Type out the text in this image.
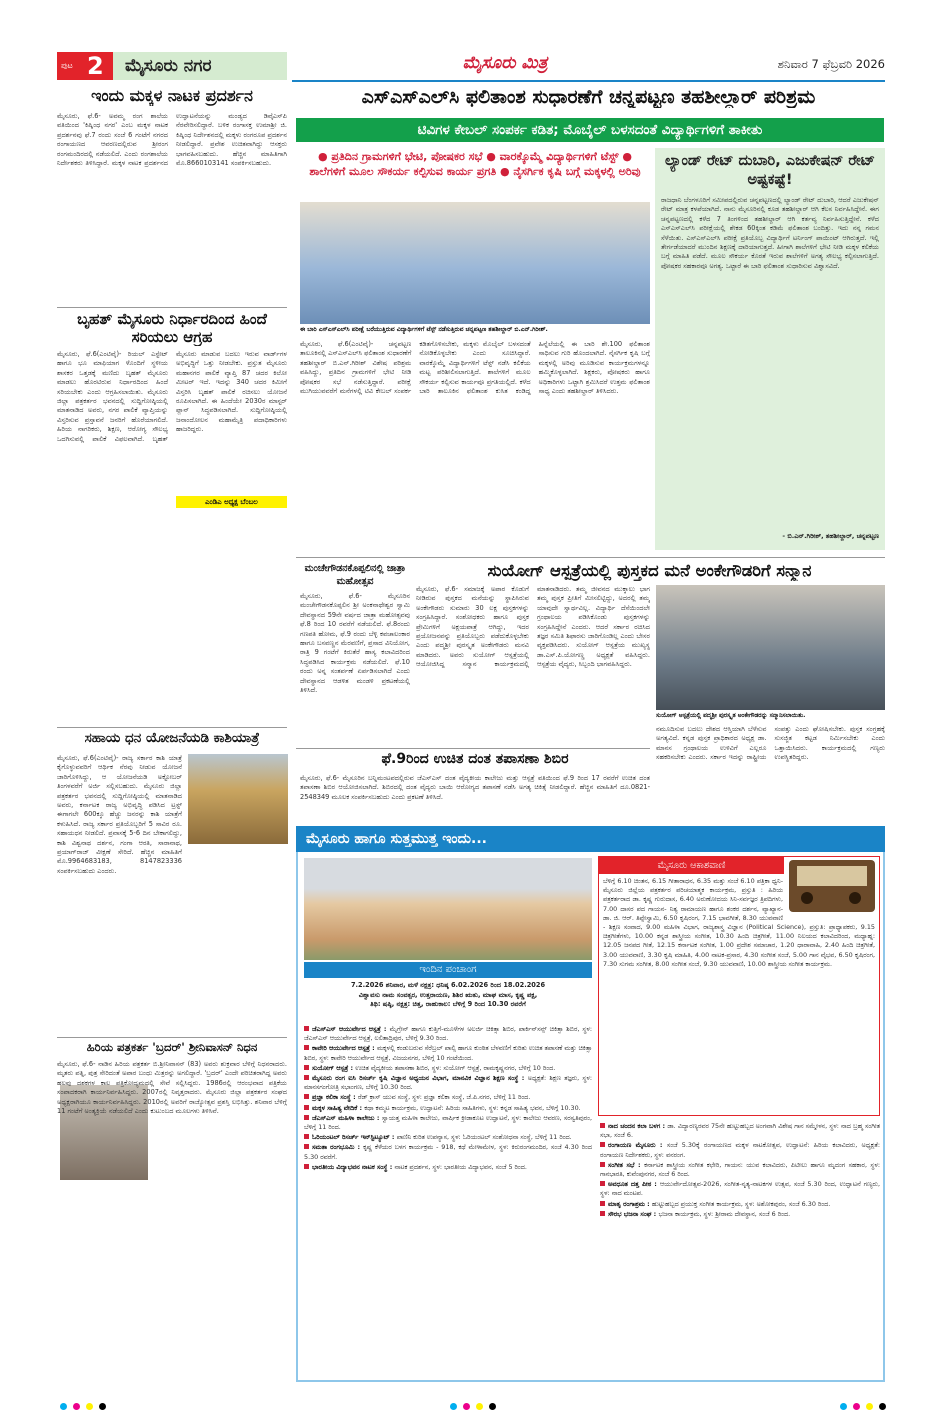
ಪುಟ 2	ಮೈಸೂರು ನಗರ	ಮೈಸೂರು ಮಿತ್ರ	ಶನಿವಾರ 7 ಫೆಬ್ರವರಿ 2026
ಇಂದು ಮಕ್ಕಳ ನಾಟಕ ಪ್ರದರ್ಶನ
ಮೈಸೂರು, ಫೆ.6- ಅವಮ್ಮ ರಂಗ ಶಾಲೆಯ ವತಿಯಿಂದ 'ಕಿಷ್ಕಿಂಧ ನಗರ' ಎಂಬ ಮಕ್ಕಳ ನಾಟಕ ಪ್ರದರ್ಶನವು ಫೆ.7 ರಂದು ಸಂಜೆ 6 ಗಂಟೆಗೆ ನಗರದ ರಂಗಾಯಣದ ಆವರಣದಲ್ಲಿರುವ ಶ್ರೀರಂಗ ರಂಗಮಂದಿರದಲ್ಲಿ ನಡೆಯಲಿದೆ. ಎಂದು ರಂಗಶಾಲೆಯ ನಿರ್ದೇಶಕರು ತಿಳಿಸಿದ್ದಾರೆ. ಮಕ್ಕಳ ನಾಟಕ ಪ್ರದರ್ಶನದ ಉದ್ಘಾಟನೆಯನ್ನು ಮಂಡ್ಯದ ಡಿವೈಎಸ್‌ಪಿ ನೆರವೇರಿಸಲಿದ್ದಾರೆ. ಬಳಿಕ ರಂಗಾಸಕ್ತ ಉಮಾಶ್ರೀ ಜಿ. ಕಿಷ್ಕಿಂಧ ನಿರ್ದೇಶನದಲ್ಲಿ ಮಕ್ಕಳು ರಂಗರೂಪ ಪ್ರದರ್ಶನ ನೀಡಲಿದ್ದಾರೆ. ಪ್ರವೇಶ ಉಚಿತವಾಗಿದ್ದು ಆಸಕ್ತರು ಭಾಗವಹಿಸಬಹುದು. ಹೆಚ್ಚಿನ ಮಾಹಿತಿಗಾಗಿ ಮೊ.8660103141 ಸಂಪರ್ಕಿಸಬಹುದು.
ಬೃಹತ್ ಮೈಸೂರು ನಿರ್ಧಾರದಿಂದ ಹಿಂದೆ ಸರಿಯಲು ಆಗ್ರಹ
ಮೈಸೂರು, ಫೆ.6(ಎಂಟಿವೈ)- ರಿಯಲ್ ಎಸ್ಟೇಟ್ ಹಾಗೂ ಭೂ ಮಾಫಿಯಾಗ ಳೊಂದಿಗೆ ಸ್ಥಳೀಯ ಶಾಸಕರ ಒತ್ತಡಕ್ಕೆ ಮಣಿದು ಬೃಹತ್ ಮೈಸೂರು ಮಾಡಲು ಹೊರಟಿರುವ ನಿರ್ಧಾರದಿಂದ ಹಿಂದೆ ಸರಿಯಬೇಕು ಎಂದು ಆಗ್ರಹಿಸಲಾಯಿತು. ಮೈಸೂರು ಜಿಲ್ಲಾ ಪತ್ರಕರ್ತರ ಭವನದಲ್ಲಿ ಸುದ್ದಿಗೋಷ್ಠಿಯಲ್ಲಿ ಮಾತನಾಡಿದ ಅವರು, ನಗರ ಪಾಲಿಕೆ ವ್ಯಾಪ್ತಿಯನ್ನು ವಿಸ್ತರಿಸುವ ಪ್ರಸ್ತಾವನೆ ಜನರಿಗೆ ಹೊರೆಯಾಗಲಿದೆ. ಹಿರಿಯ ನಾಗರಿಕರು, ಶಿಕ್ಷಣ, ಆರೋಗ್ಯ ಸೌಲಭ್ಯ ಒದಗಿಸುವಲ್ಲಿ ಪಾಲಿಕೆ ವಿಫಲವಾಗಿದೆ. ಬೃಹತ್ ಮೈಸೂರು ಮಾಡುವ ಬದಲು ಇರುವ ವಾರ್ಡ್‌ಗಳ ಅಭಿವೃದ್ಧಿಗೆ ಒತ್ತು ನೀಡಬೇಕು. ಪ್ರಸ್ತುತ ಮೈಸೂರು ಮಹಾನಗರ ಪಾಲಿಕೆ ವ್ಯಾಪ್ತಿ 87 ಚದರ ಕಿಲೋ ಮೀಟರ್ ಇದೆ. ಇದನ್ನು 340 ಚದರ ಕಿಮೀಗೆ ವಿಸ್ತರಿಸಿ ಬೃಹತ್ ಪಾಲಿಕೆ ರಚಿಸಲು ಯೋಜನೆ ರೂಪಿಸಲಾಗಿದೆ. ಈ ಹಿಂದೆಯೇ 2030ರ ಮಾಸ್ಟರ್ ಪ್ಲಾನ್ ಸಿದ್ಧಪಡಿಸಲಾಗಿದೆ. ಸುದ್ದಿಗೋಷ್ಠಿಯಲ್ಲಿ ಜನಾಂದೋಲನ ಮಹಾಮೈತ್ರಿ ಪದಾಧಿಕಾರಿಗಳು ಹಾಜರಿದ್ದರು.
ಎಂಡಿಎ ಅಧ್ಯಕ್ಷ ಬೆಂಬಲ
ಸಹಾಯ ಧನ ಯೋಜನೆಯಡಿ ಕಾಶಿಯಾತ್ರೆ
ಮೈಸೂರು, ಫೆ.6(ಎಂಟಿವೈ)- ರಾಜ್ಯ ಸರ್ಕಾರ ಕಾಶಿ ಯಾತ್ರೆ ಕೈಗೊಳ್ಳುವವರಿಗೆ ಆರ್ಥಿಕ ನೆರವು ನೀಡುವ ಯೋಜನೆ ಜಾರಿಗೊಳಿಸಿದ್ದು, ಆ ಯೋಜನೆಯಡಿ ಅಕ್ಟೋಬರ್ ತಿಂಗಳವರೆಗೆ ಅರ್ಜಿ ಸಲ್ಲಿಸಬಹುದು. ಮೈಸೂರು ಜಿಲ್ಲಾ ಪತ್ರಕರ್ತರ ಭವನದಲ್ಲಿ ಸುದ್ದಿಗೋಷ್ಠಿಯಲ್ಲಿ ಮಾತನಾಡಿದ ಅವರು, ಕರ್ನಾಟಕ ರಾಜ್ಯ ಅಭಿವೃದ್ಧಿ ಪಡಿಸಿದ ಟ್ರಸ್ಟ್ ಈಗಾಗಲೇ 600ಕ್ಕೂ ಹೆಚ್ಚು ಜನರನ್ನು ಕಾಶಿ ಯಾತ್ರೆಗೆ ಕಳುಹಿಸಿದೆ. ರಾಜ್ಯ ಸರ್ಕಾರ ಪ್ರತಿಯೊಬ್ಬರಿಗೆ 5 ಸಾವಿರ ರೂ. ಸಹಾಯಧನ ನೀಡಲಿದೆ. ಪ್ರವಾಸಕ್ಕೆ 5-6 ದಿನ ಬೇಕಾಗಲಿದ್ದು, ಕಾಶಿ ವಿಶ್ವನಾಥ ದರ್ಶನ, ಗಂಗಾ ಆರತಿ, ಸಾರಾನಾಥ, ಪ್ರಯಾಗ್‌ರಾಜ್ ವೀಕ್ಷಣೆ ಸೇರಿದೆ. ಹೆಚ್ಚಿನ ಮಾಹಿತಿಗೆ ಮೊ.9964683183, 8147823336 ಸಂಪರ್ಕಿಸಬಹುದು ಎಂದರು.
ಹಿರಿಯ ಪತ್ರಕರ್ತ 'ಬ್ರದರ್' ಶ್ರೀನಿವಾಸನ್ ನಿಧನ
ಮೈಸೂರು, ಫೆ.6- ನಾಡಿನ ಹಿರಿಯ ಪತ್ರಕರ್ತ ಬಿ.ಶ್ರೀನಿವಾಸನ್ (83) ಅವರು ಶುಕ್ರವಾರ ಬೆಳಿಗ್ಗೆ ನಿಧನರಾದರು. ಮೃತರು ಪತ್ನಿ, ಪುತ್ರ ಸೇರಿದಂತೆ ಅಪಾರ ಬಂಧು ಮಿತ್ರರನ್ನು ಅಗಲಿದ್ದಾರೆ. 'ಬ್ರದರ್' ಎಂದೇ ಪರಿಚಿತರಾಗಿದ್ದ ಅವರು ಹಲವು ದಶಕಗಳ ಕಾಲ ಪತ್ರಿಕೋದ್ಯಮದಲ್ಲಿ ಸೇವೆ ಸಲ್ಲಿಸಿದ್ದರು. 1986ರಲ್ಲಿ ಆರಂಭವಾದ ಪತ್ರಿಕೆಯ ಸಂಪಾದಕರಾಗಿ ಕಾರ್ಯನಿರ್ವಹಿಸಿದ್ದರು. 2007ರಲ್ಲಿ ನಿವೃತ್ತರಾದರು. ಮೈಸೂರು ಜಿಲ್ಲಾ ಪತ್ರಕರ್ತರ ಸಂಘದ ಅಧ್ಯಕ್ಷರಾಗಿಯೂ ಕಾರ್ಯನಿರ್ವಹಿಸಿದ್ದರು. 2010ರಲ್ಲಿ ಅವರಿಗೆ ರಾಜ್ಯೋತ್ಸವ ಪ್ರಶಸ್ತಿ ಲಭಿಸಿತ್ತು. ಶನಿವಾರ ಬೆಳಿಗ್ಗೆ 11 ಗಂಟೆಗೆ ಅಂತ್ಯಕ್ರಿಯೆ ನಡೆಯಲಿದೆ ಎಂದು ಕುಟುಂಬದ ಮೂಲಗಳು ತಿಳಿಸಿವೆ.
ಎಸ್‌ಎಸ್‌ಎಲ್‌ಸಿ ಫಲಿತಾಂಶ ಸುಧಾರಣೆಗೆ ಚನ್ನಪಟ್ಟಣ ತಹಶೀಲ್ದಾರ್ ಪರಿಶ್ರಮ
ಟಿವಿಗಳ ಕೇಬಲ್ ಸಂಪರ್ಕ ಕಡಿತ; ಮೊಬೈಲ್ ಬಳಸದಂತೆ ವಿದ್ಯಾರ್ಥಿಗಳಿಗೆ ತಾಕೀತು
● ಪ್ರತಿದಿನ ಗ್ರಾಮಗಳಿಗೆ ಭೇಟಿ, ಪೋಷಕರ ಸಭೆ ● ವಾರಕ್ಕೊಮ್ಮೆ ವಿದ್ಯಾರ್ಥಿಗಳಿಗೆ ಟೆಸ್ಟ್ ● ಶಾಲೆಗಳಿಗೆ ಮೂಲ ಸೌಕರ್ಯ ಕಲ್ಪಿಸುವ ಕಾರ್ಯ ಪ್ರಗತಿ ● ನೈಸರ್ಗಿಕ ಕೃಷಿ ಬಗ್ಗೆ ಮಕ್ಕಳಲ್ಲಿ ಅರಿವು
ಈ ಬಾರಿ ಎಸ್‌ಎಸ್‌ಎಲ್‌ಸಿ ಪರೀಕ್ಷೆ ಬರೆಯುತ್ತಿರುವ ವಿದ್ಯಾರ್ಥಿಗಳಿಗೆ ಟೆಸ್ಟ್ ನಡೆಸುತ್ತಿರುವ ಚನ್ನಪಟ್ಟಣ ತಹಶೀಲ್ದಾರ್ ಬಿ.ಎನ್.ಗಿರೀಶ್.
ಮೈಸೂರು, ಫೆ.6(ಎಂಟಿವೈ)- ಚನ್ನಪಟ್ಟಣ ತಾಲೂಕಿನಲ್ಲಿ ಎಸ್‌ಎಸ್‌ಎಲ್‌ಸಿ ಫಲಿತಾಂಶ ಸುಧಾರಣೆಗೆ ತಹಶೀಲ್ದಾರ್ ಬಿ.ಎನ್.ಗಿರೀಶ್ ವಿಶೇಷ ಪರಿಶ್ರಮ ವಹಿಸಿದ್ದು, ಪ್ರತಿದಿನ ಗ್ರಾಮಗಳಿಗೆ ಭೇಟಿ ನೀಡಿ ಪೋಷಕರ ಸಭೆ ನಡೆಸುತ್ತಿದ್ದಾರೆ. ಪರೀಕ್ಷೆ ಮುಗಿಯುವವರೆಗೆ ಮನೆಗಳಲ್ಲಿ ಟಿವಿ ಕೇಬಲ್ ಸಂಪರ್ಕ ಕಡಿತಗೊಳಿಸಬೇಕು, ಮಕ್ಕಳು ಮೊಬೈಲ್ ಬಳಸದಂತೆ ನೋಡಿಕೊಳ್ಳಬೇಕು ಎಂದು ಸೂಚಿಸಿದ್ದಾರೆ. ವಾರಕ್ಕೊಮ್ಮೆ ವಿದ್ಯಾರ್ಥಿಗಳಿಗೆ ಟೆಸ್ಟ್ ನಡೆಸಿ ಕಲಿಕೆಯ ಮಟ್ಟ ಪರಿಶೀಲಿಸಲಾಗುತ್ತಿದೆ. ಶಾಲೆಗಳಿಗೆ ಮೂಲ ಸೌಕರ್ಯ ಕಲ್ಪಿಸುವ ಕಾರ್ಯವೂ ಪ್ರಗತಿಯಲ್ಲಿದೆ. ಕಳೆದ ಬಾರಿ ತಾಲೂಕಿನ ಫಲಿತಾಂಶ ಕುಸಿತ ಕಂಡಿದ್ದ ಹಿನ್ನೆಲೆಯಲ್ಲಿ ಈ ಬಾರಿ ಶೇ.100 ಫಲಿತಾಂಶ ಸಾಧಿಸುವ ಗುರಿ ಹೊಂದಲಾಗಿದೆ. ನೈಸರ್ಗಿಕ ಕೃಷಿ ಬಗ್ಗೆ ಮಕ್ಕಳಲ್ಲಿ ಅರಿವು ಮೂಡಿಸುವ ಕಾರ್ಯಕ್ರಮಗಳನ್ನೂ ಹಮ್ಮಿಕೊಳ್ಳಲಾಗಿದೆ. ಶಿಕ್ಷಕರು, ಪೋಷಕರು ಹಾಗೂ ಅಧಿಕಾರಿಗಳು ಒಟ್ಟಾಗಿ ಶ್ರಮಿಸಿದರೆ ಉತ್ತಮ ಫಲಿತಾಂಶ ಸಾಧ್ಯ ಎಂದು ತಹಶೀಲ್ದಾರ್ ತಿಳಿಸಿದರು.
ಲ್ಯಾಂಡ್ ರೇಟ್ ದುಬಾರಿ, ಎಜುಕೇಷನ್ ರೇಟ್ ಅಷ್ಟಕಷ್ಟೆ!
ರಾಜಧಾನಿ ಬೆಂಗಳೂರಿಗೆ ಸಮೀಪದಲ್ಲಿರುವ ಚನ್ನಪಟ್ಟಣದಲ್ಲಿ ಲ್ಯಾಂಡ್ ರೇಟ್ ದುಬಾರಿ, ಆದರೆ ಎಜುಕೇಷನ್ ರೇಟ್ ಮಾತ್ರ ಕಳಪೆಯಾಗಿದೆ. ನಾನು ಮೈಸೂರಿನಲ್ಲಿ ಕೂಡ ತಹಶೀಲ್ದಾರ್ ಆಗಿ ಕೆಲಸ ನಿರ್ವಹಿಸಿದ್ದೇನೆ. ಈಗ ಚನ್ನಪಟ್ಟಣದಲ್ಲಿ ಕಳೆದ 7 ತಿಂಗಳಿಂದ ತಹಶೀಲ್ದಾರ್ ಆಗಿ ಕರ್ತವ್ಯ ನಿರ್ವಹಿಸುತ್ತಿದ್ದೇನೆ. ಕಳೆದ ಎಸ್‌ಎಸ್‌ಎಲ್‌ಸಿ ಪರೀಕ್ಷೆಯಲ್ಲಿ ಶೇಕಡ 60ಕ್ಕಿಂತ ಕಡಿಮೆ ಫಲಿತಾಂಶ ಬಂದಿತ್ತು. ಇದು ನನ್ನ ಗಮನ ಸೆಳೆಯಿತು. ಎಸ್‌ಎಸ್‌ಎಲ್‌ಸಿ ಪರೀಕ್ಷೆ ಪ್ರತಿಯೊಬ್ಬ ವಿದ್ಯಾರ್ಥಿಗೆ ಟರ್ನಿಂಗ್ ಪಾಯಿಂಟ್ ಆಗಿರುತ್ತದೆ. ಇಲ್ಲಿ ತೇರ್ಗಡೆಯಾದರೆ ಮುಂದಿನ ಶಿಕ್ಷಣಕ್ಕೆ ದಾರಿಯಾಗುತ್ತದೆ. ಹೀಗಾಗಿ ಶಾಲೆಗಳಿಗೆ ಭೇಟಿ ನೀಡಿ ಮಕ್ಕಳ ಕಲಿಕೆಯ ಬಗ್ಗೆ ಮಾಹಿತಿ ಪಡೆದೆ. ಮೂಲ ಸೌಕರ್ಯ ಕೊರತೆ ಇರುವ ಶಾಲೆಗಳಿಗೆ ಅಗತ್ಯ ಸೌಲಭ್ಯ ಕಲ್ಪಿಸಲಾಗುತ್ತಿದೆ. ಪೋಷಕರ ಸಹಕಾರವೂ ಅಗತ್ಯ. ಒಟ್ಟಾರೆ ಈ ಬಾರಿ ಫಲಿತಾಂಶ ಸುಧಾರಿಸುವ ವಿಶ್ವಾಸವಿದೆ.
- ಬಿ.ಎನ್.ಗಿರೀಶ್, ತಹಶೀಲ್ದಾರ್, ಚನ್ನಪಟ್ಟಣ
ಮಂಚೇಗೌಡನಕೊಪ್ಪಲಿನಲ್ಲಿ ಜಾತ್ರಾ ಮಹೋತ್ಸವ
ಮೈಸೂರು, ಫೆ.6- ಮೈಸೂರಿನ ಮಂಚೇಗೌಡನಕೊಪ್ಪಲಿನ ಶ್ರೀ ಅಂಕನಾಥೇಶ್ವರ ಸ್ವಾಮಿ ದೇವಸ್ಥಾನದ 59ನೇ ವರ್ಷದ ಜಾತ್ರಾ ಮಹೋತ್ಸವವು ಫೆ.8 ರಿಂದ 10 ರವರೆಗೆ ನಡೆಯಲಿದೆ. ಫೆ.8ರಂದು ಗಣಪತಿ ಹೋಮ, ಫೆ.9 ರಂದು ಬೆಳ್ಳಿ ಕವಚಾಲಂಕಾರ ಹಾಗೂ ಬಸವಣ್ಣನ ಮೆರವಣಿಗೆ, ಪ್ರಸಾದ ವಿನಿಯೋಗ, ರಾತ್ರಿ 9 ಗಂಟೆಗೆ ಕಿರುತೆರೆ ಹಾಸ್ಯ ಕಲಾವಿದರಿಂದ ಸಿದ್ಧಪಡಿಸಿದ ಕಾರ್ಯಕ್ರಮ ನಡೆಯಲಿದೆ. ಫೆ.10 ರಂದು ಅನ್ನ ಸಂತರ್ಪಣೆ ಏರ್ಪಡಿಸಲಾಗಿದೆ ಎಂದು ದೇವಸ್ಥಾನದ ಆಡಳಿತ ಮಂಡಳಿ ಪ್ರಕಟಣೆಯಲ್ಲಿ ತಿಳಿಸಿದೆ.
ಸುಯೋಗ್ ಆಸ್ಪತ್ರೆಯಲ್ಲಿ ಪುಸ್ತಕದ ಮನೆ ಅಂಕೇಗೌಡರಿಗೆ ಸನ್ಮಾನ
ಮೈಸೂರು, ಫೆ.6- ಸಮಾಜಕ್ಕೆ ಅಪಾರ ಕೊಡುಗೆ ನೀಡಿರುವ ಪುಸ್ತಕದ ಮನೆಯನ್ನು ಸ್ಥಾಪಿಸಿರುವ ಅಂಕೇಗೌಡರು ಸುಮಾರು 30 ಲಕ್ಷ ಪುಸ್ತಕಗಳನ್ನು ಸಂಗ್ರಹಿಸಿದ್ದಾರೆ. ಸಂಶೋಧಕರು ಹಾಗೂ ಪುಸ್ತಕ ಪ್ರೇಮಿಗಳಿಗೆ ಅಕ್ಷಯಪಾತ್ರೆ ಆಗಿದ್ದು, ಇದರ ಪ್ರಯೋಜನವನ್ನು ಪ್ರತಿಯೊಬ್ಬರು ಪಡೆದುಕೊಳ್ಳಬೇಕು ಎಂದು ಪದ್ಮಶ್ರೀ ಪುರಸ್ಕೃತ ಅಂಕೇಗೌಡರು ಮನವಿ ಮಾಡಿದರು. ಅವರು ಸುಯೋಗ್ ಆಸ್ಪತ್ರೆಯಲ್ಲಿ ಆಯೋಜಿಸಿದ್ದ ಸನ್ಮಾನ ಕಾರ್ಯಕ್ರಮದಲ್ಲಿ ಮಾತನಾಡಿದರು. ತಮ್ಮ ಜೀವನದ ಮುಕ್ಕಾಲು ಭಾಗ ತಮ್ಮ ಪುಸ್ತಕ ಪ್ರೀತಿಗೆ ಮೀಸಲಿಟ್ಟಿದ್ದು, ಅದರಲ್ಲಿ ತಮ್ಮ ಯಾವುದೇ ಸ್ವಾರ್ಥವಿಲ್ಲ. ವಿದ್ಯಾರ್ಥಿ ದೆಸೆಯಿಂದಲೇ ಗ್ರಂಥಾಲಯ ಪಡಿಸಿಕೊಂಡು ಪುಸ್ತಕಗಳನ್ನು ಸಂಗ್ರಹಿಸಿದ್ದೇನೆ ಎಂದರು. ಆದರೆ ಸರ್ಕಾರ ರಚಿಸಿದ ತಜ್ಞರ ಸಮಿತಿ ಶಿಫಾರಸು ಜಾರಿಗೊಂಡಿಲ್ಲ ಎಂದು ಬೇಸರ ವ್ಯಕ್ತಪಡಿಸಿದರು. ಸುಯೋಗ್ ಆಸ್ಪತ್ರೆಯ ಮುಖ್ಯಸ್ಥ ಡಾ.ಎಸ್.ಪಿ.ಯೋಗಣ್ಣ ಅಧ್ಯಕ್ಷತೆ ವಹಿಸಿದ್ದರು. ಆಸ್ಪತ್ರೆಯ ವೈದ್ಯರು, ಸಿಬ್ಬಂದಿ ಭಾಗವಹಿಸಿದ್ದರು.
ಸುಯೋಗ್ ಆಸ್ಪತ್ರೆಯಲ್ಲಿ ಪದ್ಮಶ್ರೀ ಪುರಸ್ಕೃತ ಅಂಕೇಗೌಡರನ್ನು ಸನ್ಮಾನಿಸಲಾಯಿತು.
ನಮೂದಿಸುವ ಬದಲು ದೇಶದ ಆಸ್ತಿಯಾಗಿ ಬೆಳೆಸುವ ಅಗತ್ಯವಿದೆ. ಕನ್ನಡ ಪುಸ್ತಕ ಪ್ರಾಧಿಕಾರದ ಅಧ್ಯಕ್ಷ ಡಾ. ಮಾನಸ ಗ್ರಂಥಾಲಯ ಉಳಿವಿಗೆ ಎಲ್ಲರೂ ಸಹಕರಿಸಬೇಕು ಎಂದರು. ಸರ್ಕಾರ ಇದನ್ನು ರಾಷ್ಟ್ರೀಯ ಸಂಪತ್ತು ಎಂದು ಘೋಷಿಸಬೇಕು. ಪುಸ್ತಕ ಸಂಗ್ರಹಕ್ಕೆ ಸುಸಜ್ಜಿತ ಕಟ್ಟಡ ನಿರ್ಮಿಸಬೇಕು ಎಂದು ಒತ್ತಾಯಿಸಿದರು. ಕಾರ್ಯಕ್ರಮದಲ್ಲಿ ಗಣ್ಯರು ಉಪಸ್ಥಿತರಿದ್ದರು.
ಫೆ.9ರಿಂದ ಉಚಿತ ದಂತ ತಪಾಸಣಾ ಶಿಬಿರ
ಮೈಸೂರು, ಫೆ.6- ಮೈಸೂರಿನ ಬನ್ನಿಮಂಟಪದಲ್ಲಿರುವ ಜೆಎಸ್‌ಎಸ್ ದಂತ ವೈದ್ಯಕೀಯ ಕಾಲೇಜು ಮತ್ತು ಆಸ್ಪತ್ರೆ ವತಿಯಿಂದ ಫೆ.9 ರಿಂದ 17 ರವರೆಗೆ ಉಚಿತ ದಂತ ತಪಾಸಣಾ ಶಿಬಿರ ಆಯೋಜಿಸಲಾಗಿದೆ. ಶಿಬಿರದಲ್ಲಿ ದಂತ ವೈದ್ಯರು ಬಾಯಿ ಆರೋಗ್ಯದ ತಪಾಸಣೆ ನಡೆಸಿ ಅಗತ್ಯ ಚಿಕಿತ್ಸೆ ನೀಡಲಿದ್ದಾರೆ. ಹೆಚ್ಚಿನ ಮಾಹಿತಿಗೆ ದೂ.0821-2548349 ಮೂಲಕ ಸಂಪರ್ಕಿಸಬಹುದು ಎಂದು ಪ್ರಕಟಣೆ ತಿಳಿಸಿದೆ.
ಮೈಸೂರು ಹಾಗೂ ಸುತ್ತಮುತ್ತ ಇಂದು...
ಇಂದಿನ ಪಂಚಾಂಗ
7.2.2026 ಶನಿವಾರ, ಮಳೆ ನಕ್ಷತ್ರ: ಧನಿಷ್ಠ 6.02.2026 ರಿಂದ 18.02.2026
ವಿಶ್ವಾವಸು ನಾಮ ಸಂವತ್ಸರ, ಉತ್ತರಾಯಣ, ಶಿಶಿರ ಋತು, ಮಾಘ ಮಾಸ, ಕೃಷ್ಣ ಪಕ್ಷ,
ತಿಥಿ: ಷಷ್ಠಿ, ನಕ್ಷತ್ರ: ಚಿತ್ತ, ರಾಹುಕಾಲ: ಬೆಳಿಗ್ಗೆ 9 ರಿಂದ 10.30 ರವರೆಗೆ

ಜೆಎಸ್‌ಎಸ್ ಆಯುರ್ವೇದ ಆಸ್ಪತ್ರೆ : ಮೈಗ್ರೇನ್ ಹಾಗೂ ಕುತ್ತಿಗೆ-ಮೂಳೆಗಳ ಅಲರ್ಜಿ ಚಿಕಿತ್ಸಾ ಶಿಬಿರ, ಪಾರ್ಕಿನ್‌ಸನ್ಸ್ ಚಿಕಿತ್ಸಾ ಶಿಬಿರ, ಸ್ಥಳ: ಜೆಎಸ್‌ಎಸ್ ಆಯುರ್ವೇದ ಆಸ್ಪತ್ರೆ, ಲಲಿತಾದ್ರಿಪುರ, ಬೆಳಿಗ್ಗೆ 9.30 ರಿಂದ.

ಕಾವೇರಿ ಆಯುರ್ವೇದ ಆಸ್ಪತ್ರೆ : ಮಕ್ಕಳಲ್ಲಿ ಕಂಡುಬರುವ ಸೆರೆಬ್ರಲ್ ಪಾಲ್ಸಿ ಹಾಗೂ ಕುಂಠಿತ ಬೆಳವಣಿಗೆ ಕುರಿತು ಉಚಿತ ತಪಾಸಣೆ ಮತ್ತು ಚಿಕಿತ್ಸಾ ಶಿಬಿರ, ಸ್ಥಳ: ಕಾವೇರಿ ಆಯುರ್ವೇದ ಆಸ್ಪತ್ರೆ, ವಿಜಯನಗರ, ಬೆಳಿಗ್ಗೆ 10 ಗಂಟೆಯಿಂದ.

ಸುಯೋಗ್ ಆಸ್ಪತ್ರೆ : ಉಚಿತ ವೈದ್ಯಕೀಯ ತಪಾಸಣಾ ಶಿಬಿರ, ಸ್ಥಳ: ಸುಯೋಗ್ ಆಸ್ಪತ್ರೆ, ರಾಮಕೃಷ್ಣನಗರ, ಬೆಳಿಗ್ಗೆ 10 ರಿಂದ.

ಮೈಸೂರು ರಂಗ ಐಸಿ ರಿಸರ್ಚ್ ಕೃಷಿ ವಿಜ್ಞಾನ ಅಧ್ಯಯನ ವಿಭಾಗ, ಮಾನವಿಕ ವಿಜ್ಞಾನ ಶಿಕ್ಷಣ ಸಂಸ್ಥೆ : ಅಧ್ಯಕ್ಷತೆ: ಶಿಕ್ಷಣ ತಜ್ಞರು, ಸ್ಥಳ: ಮಾನಸಗಂಗೋತ್ರಿ ಸಭಾಂಗಣ, ಬೆಳಿಗ್ಗೆ 10.30 ರಿಂದ.

ಪ್ರಜ್ಞಾ ಕಲಿಕಾ ಸಂಸ್ಥೆ : ರೆಡ್ ಕ್ರಾಸ್ ಯುವ ಸಂಸ್ಥೆ, ಸ್ಥಳ: ಪ್ರಜ್ಞಾ ಕಲಿಕಾ ಸಂಸ್ಥೆ, ಜೆ.ಪಿ.ನಗರ, ಬೆಳಿಗ್ಗೆ 11 ರಿಂದ.

ಮಕ್ಕಳ ಸಾಹಿತ್ಯ ವೇದಿಕೆ : ಕಥಾ ಕಮ್ಮಟ ಕಾರ್ಯಕ್ರಮ, ಉದ್ಘಾಟನೆ: ಹಿರಿಯ ಸಾಹಿತಿಗಳು, ಸ್ಥಳ: ಕನ್ನಡ ಸಾಹಿತ್ಯ ಭವನ, ಬೆಳಿಗ್ಗೆ 10.30.

ಜೆಎಸ್‌ಎಸ್ ಮಹಿಳಾ ಕಾಲೇಜು : ಸ್ವಾಯತ್ತ ಮಹಿಳಾ ಕಾಲೇಜು, ವಾರ್ಷಿಕ ಕ್ರೀಡಾಕೂಟ ಉದ್ಘಾಟನೆ, ಸ್ಥಳ: ಕಾಲೇಜು ಆವರಣ, ಸರಸ್ವತಿಪುರಂ, ಬೆಳಿಗ್ಗೆ 11 ರಿಂದ.

ಓರಿಯಂಟಲ್ ರಿಸರ್ಚ್ ಇನ್‌ಸ್ಟಿಟ್ಯೂಟ್ : ಪಾಣಿನಿ ಕುರಿತ ಉಪನ್ಯಾಸ, ಸ್ಥಳ: ಓರಿಯಂಟಲ್ ಸಂಶೋಧನಾ ಸಂಸ್ಥೆ, ಬೆಳಿಗ್ಗೆ 11 ರಿಂದ.

ಸಮತಾ ರಂಗಭೂಮಿ : ಕೃಷ್ಣ ಕೆಳೆಯರ ಬಳಗ ಕಾರ್ಯಕ್ರಮ - 918, ಕಥೆ ಮೇಳಾಮೇಳ, ಸ್ಥಳ: ಕಿರುರಂಗಮಂದಿರ, ಸಂಜೆ 4.30 ರಿಂದ 5.30 ರವರೆಗೆ.

ಭಾರತೀಯ ವಿದ್ಯಾಭವನ ನಾಟಕ ಸಂಸ್ಥೆ : ನಾಟಕ ಪ್ರದರ್ಶನ, ಸ್ಥಳ: ಭಾರತೀಯ ವಿದ್ಯಾಭವನ, ಸಂಜೆ 5 ರಿಂದ.

ಮೈಸೂರು ಆಕಾಶವಾಣಿ
ಬೆಳಿಗ್ಗೆ 6.10 ಚಿಂತನ, 6.15 ಗೀತಾರಾಧನ, 6.35 ಮತ್ತು ಸಂಜೆ 6.10 ಪತ್ರಿಕಾ ಧ್ವನಿ- ಮೈಸೂರು ಜಿಲ್ಲೆಯ ಪತ್ರಕರ್ತರ ಪರಿಚಯಾತ್ಮಕ ಕಾರ್ಯಕ್ರಮ, ಪ್ರಸ್ತುತಿ : ಹಿರಿಯ ಪತ್ರಕರ್ತರಾದ ಡಾ. ಕೃಷ್ಣ ಗುರುದಾಸ, 6.40 ಅರುಣೋದಯ ಸಿನಿ-ಸರ್ವಜ್ಞರ ತ್ರಿಪದಿಗಳು, 7.00 ದಾಸರ ಪದ ಗಾಯನ- ನಿತ್ಯ ರಾಮಾಯಣ ಹಾಗೂ ಶಂಕರ ದರ್ಶನ, ವ್ಯಾಖ್ಯಾನ- ಡಾ. ಜಿ. ಆರ್. ತಿಪ್ಪೇಸ್ವಾಮಿ, 6.50 ಕೃಷಿರಂಗ, 7.15 ಭಾವಗೀತೆ, 8.30 ಯುವವಾಣಿ - ಶಿಕ್ಷಣ ಸಂವಾದ, 9.00 ಮಹಿಳಾ ವಿಭಾಗ, ರಾಜ್ಯಶಾಸ್ತ್ರ ವಿಜ್ಞಾನ (Political Science), ಪ್ರಸ್ತುತಿ: ಪ್ರಾಧ್ಯಾಪಕರು, 9.15 ಚಿತ್ರಗೀತೆಗಳು, 10.00 ಕನ್ನಡ ಶಾಸ್ತ್ರೀಯ ಸಂಗೀತ, 10.30 ಹಿಂದಿ ಚಿತ್ರಗೀತೆ, 11.00 ನಿಲಯದ ಕಲಾವಿದರಿಂದ, ಮಧ್ಯಾಹ್ನ: 12.05 ಜನಪದ ಗೀತೆ, 12.15 ಕರ್ನಾಟಕ ಸಂಗೀತ, 1.00 ಪ್ರದೇಶ ಸಮಾಚಾರ, 1.20 ಧಾರಾವಾಹಿ, 2.40 ಹಿಂದಿ ಚಿತ್ರಗೀತೆ, 3.00 ಯುವವಾಣಿ, 3.30 ಕೃಷಿ ಮಾಹಿತಿ, 4.00 ನಾಟಕ-ಪ್ರಸಾರ, 4.30 ಸಂಗೀತ ಸಂಜೆ, 5.00 ಗಾನ ವೈಭವ, 6.50 ಕೃಷಿರಂಗ, 7.30 ಸುಗಮ ಸಂಗೀತ, 8.00 ಸಂಗೀತ ಸಂಜೆ, 9.30 ಯುವವಾಣಿ, 10.00 ಶಾಸ್ತ್ರೀಯ ಸಂಗೀತ ಕಾರ್ಯಕ್ರಮ.

ನಾದ ಚಂದನ ಕಲಾ ಬಳಗ : ಡಾ. ವಿದ್ಯಾರಣ್ಯರವರ 75ನೇ ಹುಟ್ಟುಹಬ್ಬದ ಅಂಗವಾಗಿ ವಿಶೇಷ ಗಾನ ಸಮ್ಮೇಳನ, ಸ್ಥಳ: ನಾದ ಬ್ರಹ್ಮ ಸಂಗೀತ ಸಭಾ, ಸಂಜೆ 6.

ರಂಗಾಯಣ ಮೈಸೂರು : ಸಂಜೆ 5.30ಕ್ಕೆ ರಂಗಾಯಣದ ಮಕ್ಕಳ ನಾಟಕೋತ್ಸವ, ಉದ್ಘಾಟನೆ: ಹಿರಿಯ ಕಲಾವಿದರು, ಅಧ್ಯಕ್ಷತೆ: ರಂಗಾಯಣ ನಿರ್ದೇಶಕರು, ಸ್ಥಳ: ವನರಂಗ.

ಸಂಗೀತ ಸಭೆ : ಕರ್ನಾಟಕ ಶಾಸ್ತ್ರೀಯ ಸಂಗೀತ ಕಛೇರಿ, ಗಾಯನ: ಯುವ ಕಲಾವಿದರು, ಪಿಟೀಲು ಹಾಗೂ ಮೃದಂಗ ಸಹಕಾರ, ಸ್ಥಳ: ಗಾನಭಾರತಿ, ಕುವೆಂಪುನಗರ, ಸಂಜೆ 6 ರಿಂದ.

ಅವಧೂತ ದತ್ತ ಪೀಠ : ಆಯುರ್ವೇದೋತ್ಸವ-2026, ಸಂಗೀತ-ನೃತ್ಯ-ನಾಟಕಗಳ ಉತ್ಸವ, ಸಂಜೆ 5.30 ರಿಂದ, ಉದ್ಘಾಟನೆ ಗಣ್ಯರು, ಸ್ಥಳ: ನಾದ ಮಂಟಪ.

ಮಾತೃ ರಂಗಾಶ್ರಮ : ಹುಟ್ಟುಹಬ್ಬದ ಪ್ರಯುಕ್ತ ಸಂಗೀತ ಕಾರ್ಯಕ್ರಮ, ಸ್ಥಳ: ಅಶೋಕಪುರಂ, ಸಂಜೆ 6.30 ರಿಂದ.

ಸೌರಭ ಭಜನಾ ಸಂಘ : ಭಜನಾ ಕಾರ್ಯಕ್ರಮ, ಸ್ಥಳ: ಶ್ರೀರಾಮ ದೇವಸ್ಥಾನ, ಸಂಜೆ 6 ರಿಂದ.
